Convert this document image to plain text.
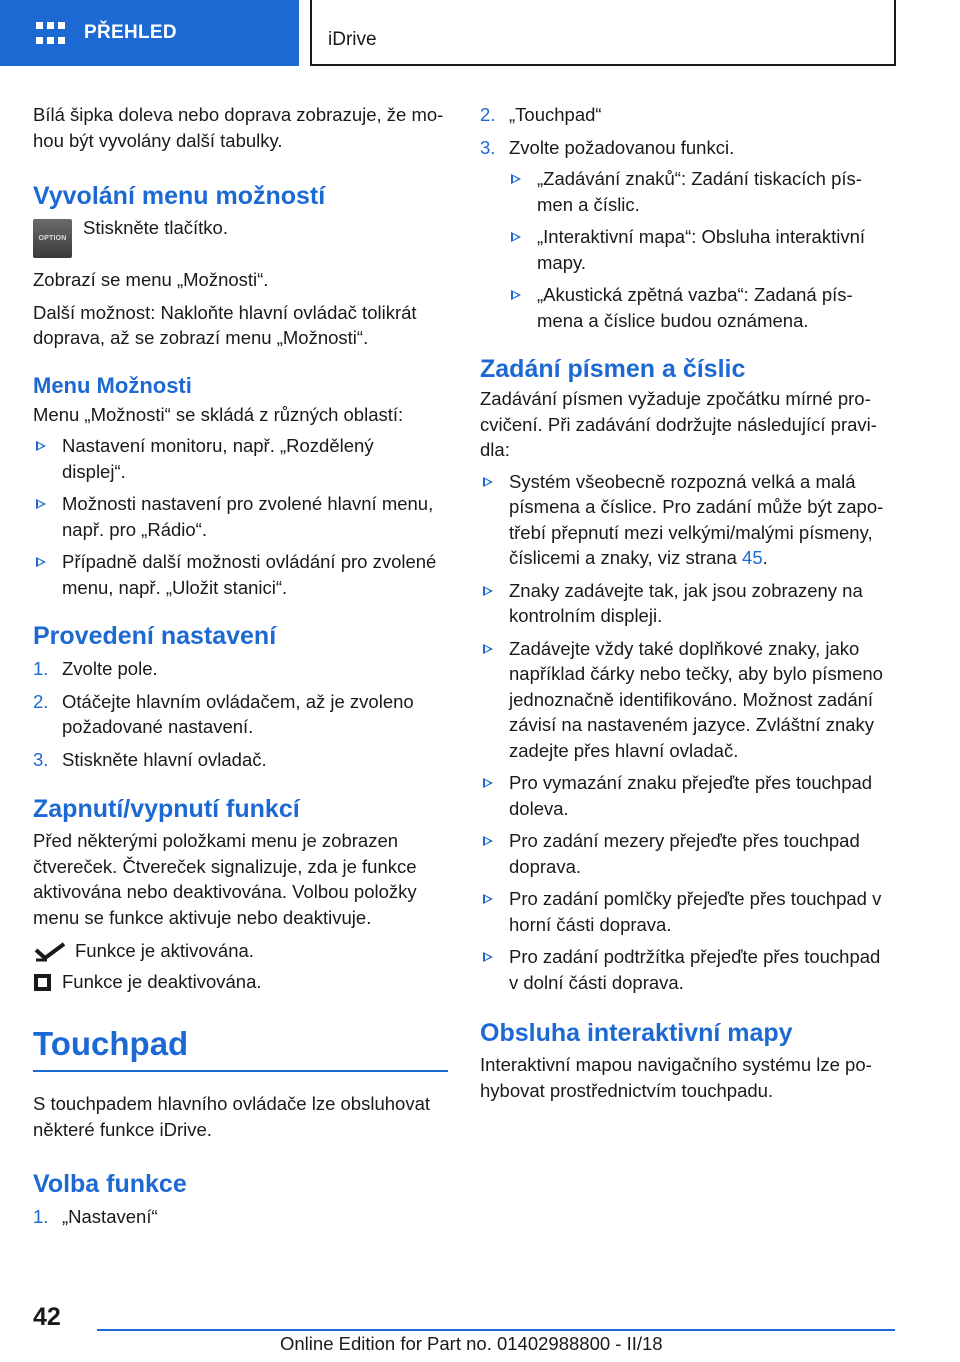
PŘEHLED	iDrive

Bílá šipka doleva nebo doprava zobrazuje, že mo-
hou být vyvolány další tabulky.

Vyvolání menu možností
OPTION

Stiskněte tlačítko.

Zobrazí se menu „Možnosti“.

Další možnost: Nakloňte hlavní ovládač tolikrát
doprava, až se zobrazí menu „Možnosti“.

Menu Možnosti

Menu „Možnosti“ se skládá z různých oblastí:

Nastavení monitoru, např. „Rozdělený
displej“.
Možnosti nastavení pro zvolené hlavní menu,
např. pro „Rádio“.
Případně další možnosti ovládání pro zvolené
menu, např. „Uložit stanici“.
Provedení nastavení
1. Zvolte pole.
2. Otáčejte hlavním ovládačem, až je zvoleno
požadované nastavení.
3. Stiskněte hlavní ovladač.
Zapnutí/vypnutí funkcí

Před některými položkami menu je zobrazen
čtvereček. Čtvereček signalizuje, zda je funkce
aktivována nebo deaktivována. Volbou položky
menu se funkce aktivuje nebo deaktivuje.

Funkce je aktivována.
Funkce je deaktivována.
Touchpad

S touchpadem hlavního ovládače lze obsluhovat
některé funkce iDrive.

Volba funkce
1. „Nastavení“
2. „Touchpad“
3. Zvolte požadovanou funkci.
„Zadávání znaků“: Zadání tiskacích pís-
men a číslic.
„Interaktivní mapa“: Obsluha interaktivní
mapy.
„Akustická zpětná vazba“: Zadaná pís-
mena a číslice budou oznámena.
Zadání písmen a číslic

Zadávání písmen vyžaduje zpočátku mírné pro-
cvičení. Při zadávání dodržujte následující pravi-
dla:

Systém všeobecně rozpozná velká a malá
písmena a číslice. Pro zadání může být zapo-
třebí přepnutí mezi velkými/malými písmeny,
číslicemi a znaky, viz strana 45.
Znaky zadávejte tak, jak jsou zobrazeny na
kontrolním displeji.
Zadávejte vždy také doplňkové znaky, jako
například čárky nebo tečky, aby bylo písmeno
jednoznačně identifikováno. Možnost zadání
závisí na nastaveném jazyce. Zvláštní znaky
zadejte přes hlavní ovladač.
Pro vymazání znaku přejeďte přes touchpad
doleva.
Pro zadání mezery přejeďte přes touchpad
doprava.
Pro zadání pomlčky přejeďte přes touchpad v
horní části doprava.
Pro zadání podtržítka přejeďte přes touchpad
v dolní části doprava.
Obsluha interaktivní mapy

Interaktivní mapou navigačního systému lze po-
hybovat prostřednictvím touchpadu.

42
Online Edition for Part no. 01402988800 - II/18
